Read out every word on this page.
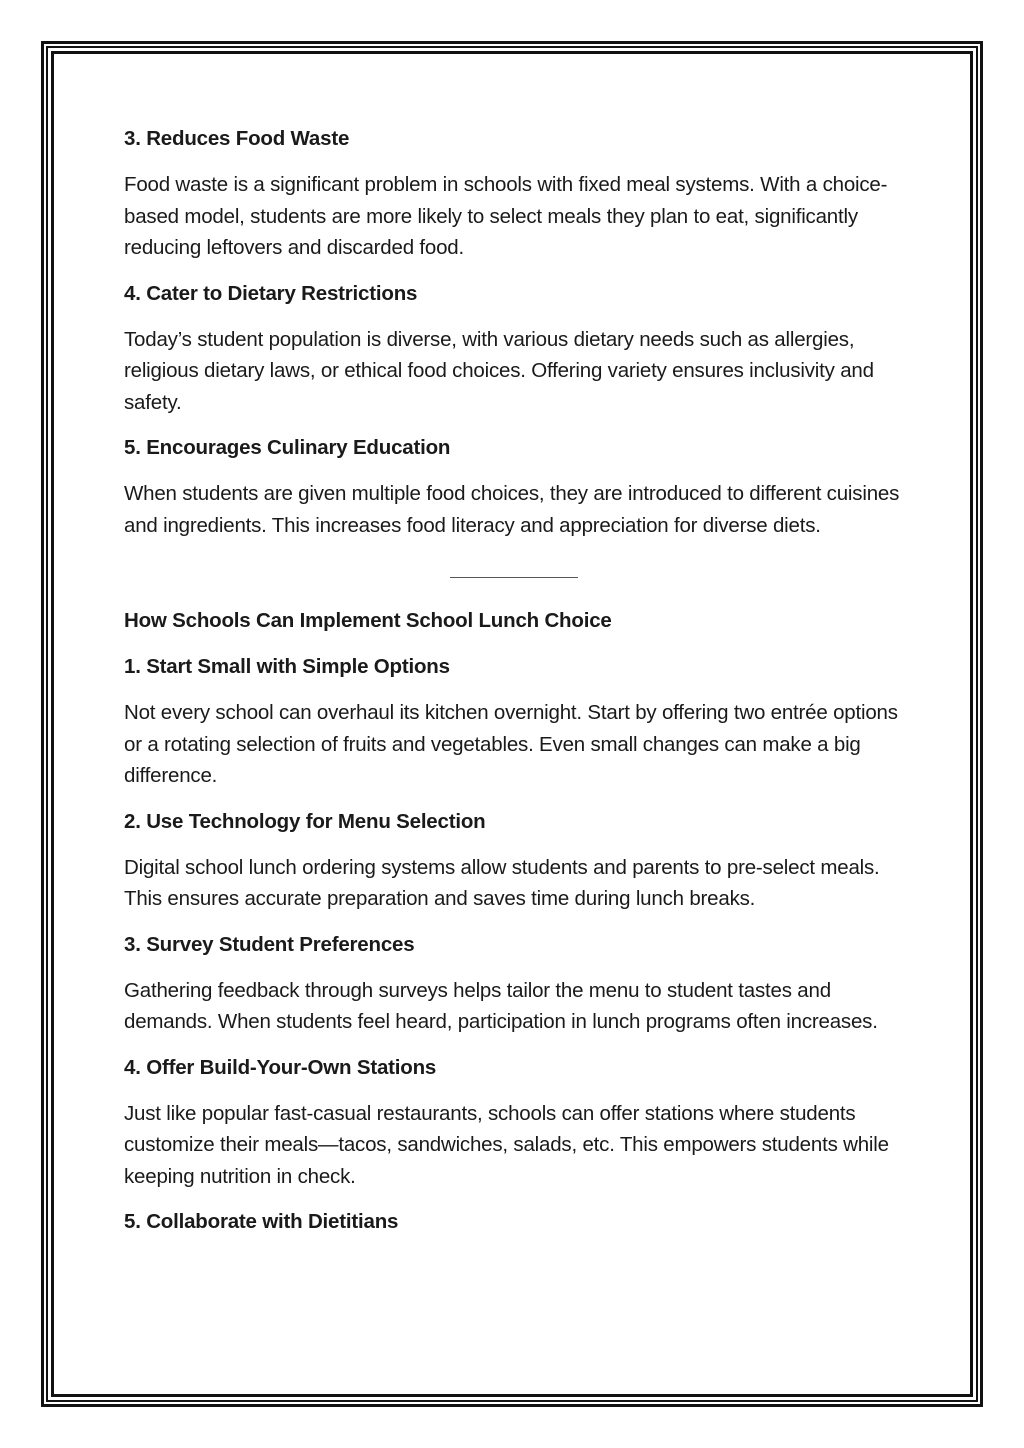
3. Reduces Food Waste
Food waste is a significant problem in schools with fixed meal systems. With a choice-based model, students are more likely to select meals they plan to eat, significantly reducing leftovers and discarded food.
4. Cater to Dietary Restrictions
Today’s student population is diverse, with various dietary needs such as allergies, religious dietary laws, or ethical food choices. Offering variety ensures inclusivity and safety.
5. Encourages Culinary Education
When students are given multiple food choices, they are introduced to different cuisines and ingredients. This increases food literacy and appreciation for diverse diets.
How Schools Can Implement School Lunch Choice
1. Start Small with Simple Options
Not every school can overhaul its kitchen overnight. Start by offering two entrée options or a rotating selection of fruits and vegetables. Even small changes can make a big difference.
2. Use Technology for Menu Selection
Digital school lunch ordering systems allow students and parents to pre-select meals. This ensures accurate preparation and saves time during lunch breaks.
3. Survey Student Preferences
Gathering feedback through surveys helps tailor the menu to student tastes and demands. When students feel heard, participation in lunch programs often increases.
4. Offer Build-Your-Own Stations
Just like popular fast-casual restaurants, schools can offer stations where students customize their meals—tacos, sandwiches, salads, etc. This empowers students while keeping nutrition in check.
5. Collaborate with Dietitians
